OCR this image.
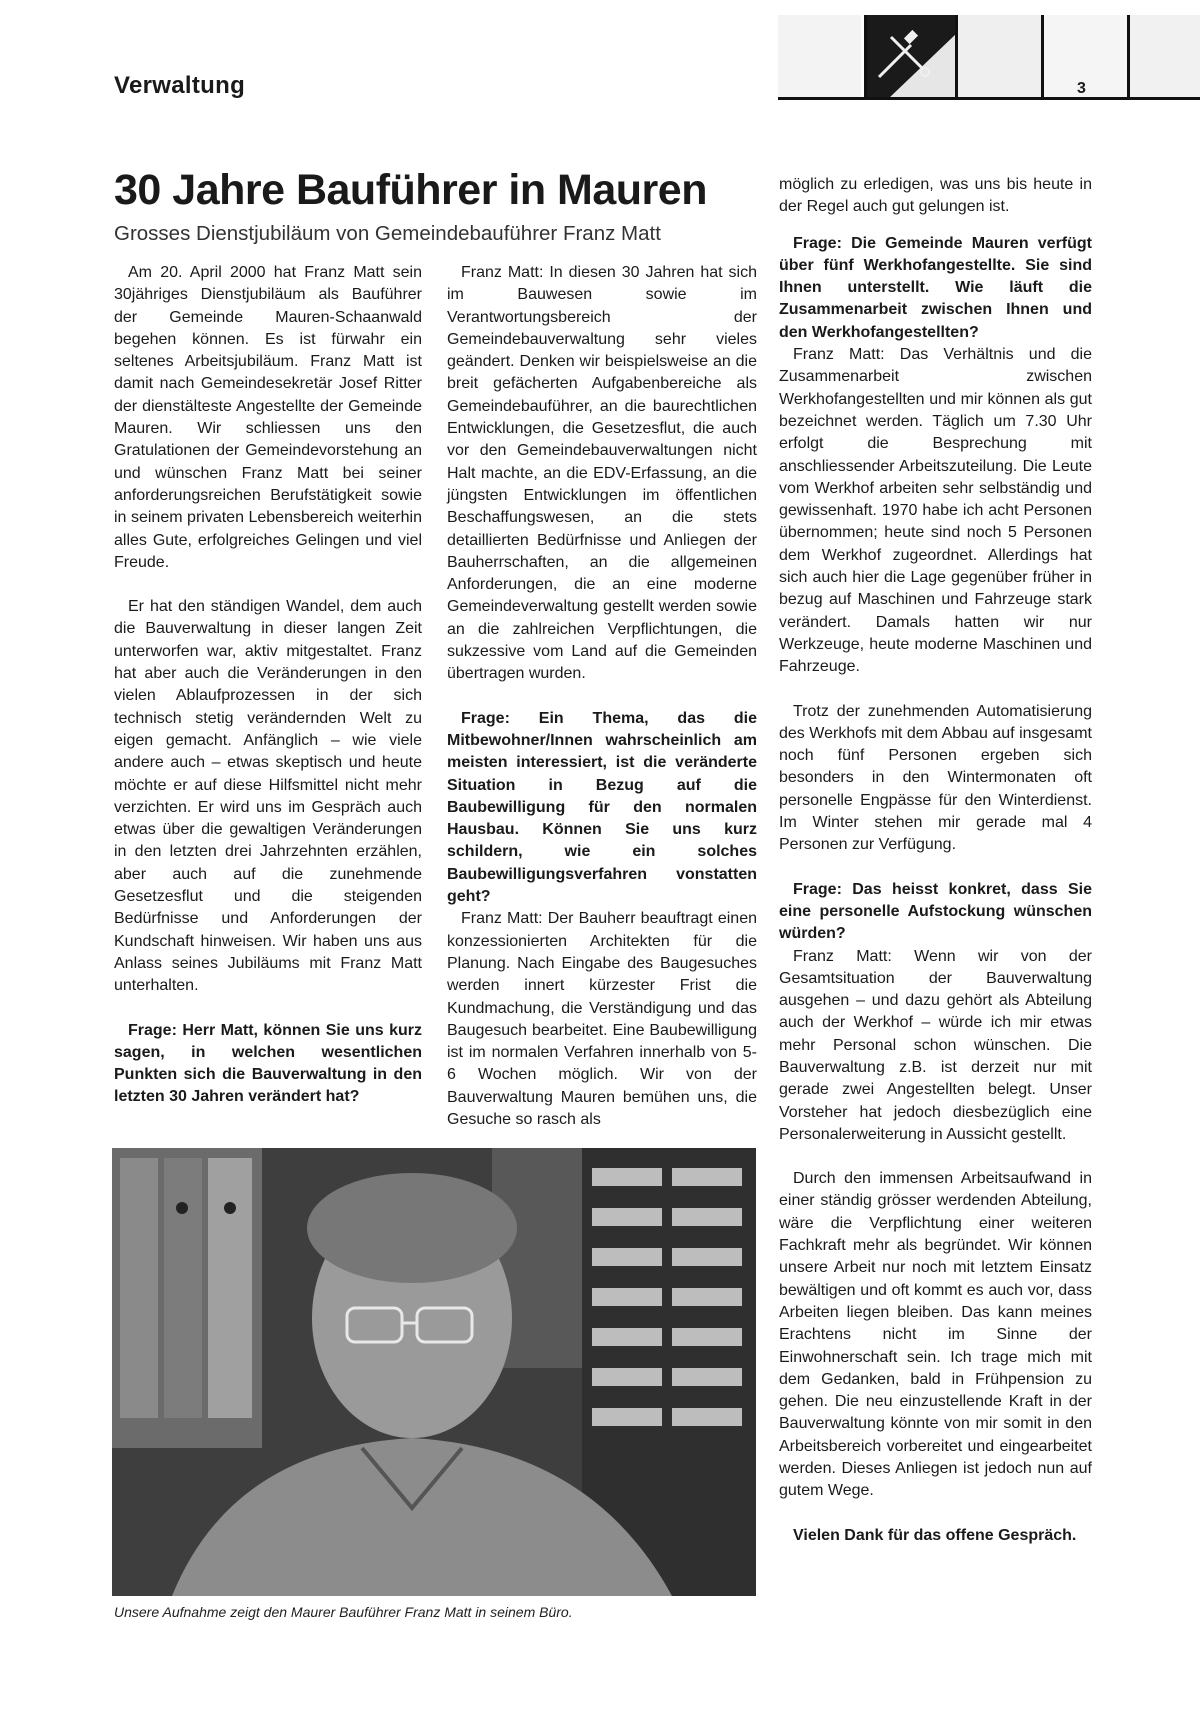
Verwaltung	3
30 Jahre Bauführer in Mauren
Grosses Dienstjubiläum von Gemeindebauführer Franz Matt

Am 20. April 2000 hat Franz Matt sein 30jähriges Dienstjubiläum als Bauführer der Gemeinde Mauren-Schaanwald begehen können. Es ist fürwahr ein seltenes Arbeitsjubiläum. Franz Matt ist damit nach Gemeindesekretär Josef Ritter der dienstälteste Angestellte der Gemeinde Mauren. Wir schliessen uns den Gratulationen der Gemeindevorstehung an und wünschen Franz Matt bei seiner anforderungsreichen Berufstätigkeit sowie in seinem privaten Lebensbereich weiterhin alles Gute, erfolgreiches Gelingen und viel Freude.

Er hat den ständigen Wandel, dem auch die Bauverwaltung in dieser langen Zeit unterworfen war, aktiv mitgestaltet. Franz hat aber auch die Veränderungen in den vielen Ablaufprozessen in der sich technisch stetig verändernden Welt zu eigen gemacht. Anfänglich – wie viele andere auch – etwas skeptisch und heute möchte er auf diese Hilfsmittel nicht mehr verzichten. Er wird uns im Gespräch auch etwas über die gewaltigen Veränderungen in den letzten drei Jahrzehnten erzählen, aber auch auf die zunehmende Gesetzesflut und die steigenden Bedürfnisse und Anforderungen der Kundschaft hinweisen. Wir haben uns aus Anlass seines Jubiläums mit Franz Matt unterhalten.

Frage: Herr Matt, können Sie uns kurz sagen, in welchen wesentlichen Punkten sich die Bauverwaltung in den letzten 30 Jahren verändert hat?

Franz Matt: In diesen 30 Jahren hat sich im Bauwesen sowie im Verantwortungsbereich der Gemeindebauverwaltung sehr vieles geändert. Denken wir beispielsweise an die breit gefächerten Aufgabenbereiche als Gemeindebauführer, an die baurechtlichen Entwicklungen, die Gesetzesflut, die auch vor den Gemeindebauverwaltungen nicht Halt machte, an die EDV-Erfassung, an die jüngsten Entwicklungen im öffentlichen Beschaffungswesen, an die stets detaillierten Bedürfnisse und Anliegen der Bauherrschaften, an die allgemeinen Anforderungen, die an eine moderne Gemeindeverwaltung gestellt werden sowie an die zahlreichen Verpflichtungen, die sukzessive vom Land auf die Gemeinden übertragen wurden.

Frage: Ein Thema, das die Mitbewohner/Innen wahrscheinlich am meisten interessiert, ist die veränderte Situation in Bezug auf die Baubewilligung für den normalen Hausbau. Können Sie uns kurz schildern, wie ein solches Baubewilligungsverfahren vonstatten geht?

Franz Matt: Der Bauherr beauftragt einen konzessionierten Architekten für die Planung. Nach Eingabe des Baugesuches werden innert kürzester Frist die Kundmachung, die Verständigung und das Baugesuch bearbeitet. Eine Baubewilligung ist im normalen Verfahren innerhalb von 5-6 Wochen möglich. Wir von der Bauverwaltung Mauren bemühen uns, die Gesuche so rasch als

möglich zu erledigen, was uns bis heute in der Regel auch gut gelungen ist.

Frage: Die Gemeinde Mauren verfügt über fünf Werkhofangestellte. Sie sind Ihnen unterstellt. Wie läuft die Zusammenarbeit zwischen Ihnen und den Werkhofangestellten?

Franz Matt: Das Verhältnis und die Zusammenarbeit zwischen Werkhofangestellten und mir können als gut bezeichnet werden. Täglich um 7.30 Uhr erfolgt die Besprechung mit anschliessender Arbeitszuteilung. Die Leute vom Werkhof arbeiten sehr selbständig und gewissenhaft. 1970 habe ich acht Personen übernommen; heute sind noch 5 Personen dem Werkhof zugeordnet. Allerdings hat sich auch hier die Lage gegenüber früher in bezug auf Maschinen und Fahrzeuge stark verändert. Damals hatten wir nur Werkzeuge, heute moderne Maschinen und Fahrzeuge.

Trotz der zunehmenden Automatisierung des Werkhofs mit dem Abbau auf insgesamt noch fünf Personen ergeben sich besonders in den Wintermonaten oft personelle Engpässe für den Winterdienst. Im Winter stehen mir gerade mal 4 Personen zur Verfügung.

Frage: Das heisst konkret, dass Sie eine personelle Aufstockung wünschen würden?

Franz Matt: Wenn wir von der Gesamtsituation der Bauverwaltung ausgehen – und dazu gehört als Abteilung auch der Werkhof – würde ich mir etwas mehr Personal schon wünschen. Die Bauverwaltung z.B. ist derzeit nur mit gerade zwei Angestellten belegt. Unser Vorsteher hat jedoch diesbezüglich eine Personalerweiterung in Aussicht gestellt.

Durch den immensen Arbeitsaufwand in einer ständig grösser werdenden Abteilung, wäre die Verpflichtung einer weiteren Fachkraft mehr als begründet. Wir können unsere Arbeit nur noch mit letztem Einsatz bewältigen und oft kommt es auch vor, dass Arbeiten liegen bleiben. Das kann meines Erachtens nicht im Sinne der Einwohnerschaft sein. Ich trage mich mit dem Gedanken, bald in Frühpension zu gehen. Die neu einzustellende Kraft in der Bauverwaltung könnte von mir somit in den Arbeitsbereich vorbereitet und eingearbeitet werden. Dieses Anliegen ist jedoch nun auf gutem Wege.

Vielen Dank für das offene Gespräch.

Unsere Aufnahme zeigt den Maurer Bauführer Franz Matt in seinem Büro.
